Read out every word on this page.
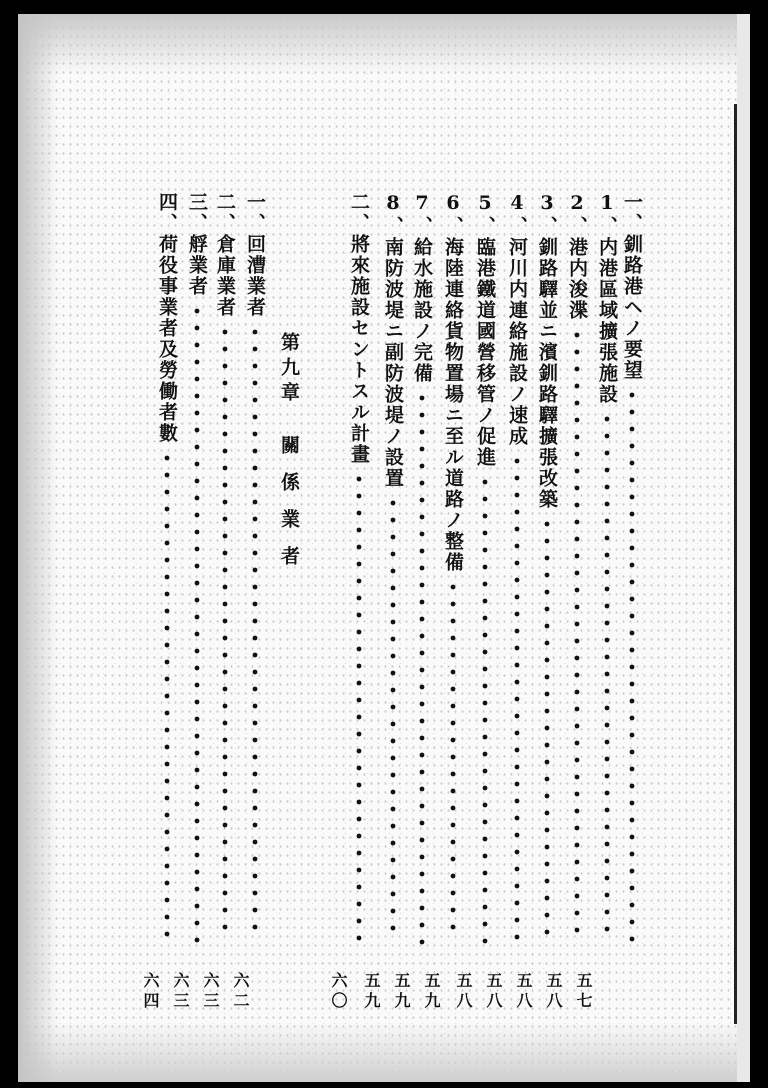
一、釧路港ヘノ要望
1、内港區域擴張施設
2、港内浚渫
3、釧路驛並ニ濱釧路驛擴張改築
4、河川内連絡施設ノ速成
5、臨港鐵道國營移管ノ促進
6、海陸連絡貨物置場ニ至ル道路ノ整備
7、給水施設ノ完備
8、南防波堤ニ副防波堤ノ設置
二、將來施設セントスル計畫
第九章 關係業者
一、回漕業者
二、倉庫業者
三、艀業者
四、荷役事業者及勞働者數
五七
五八
五八
五八
五八
五九
五九
五九
六〇
六二
六三
六三
六四
